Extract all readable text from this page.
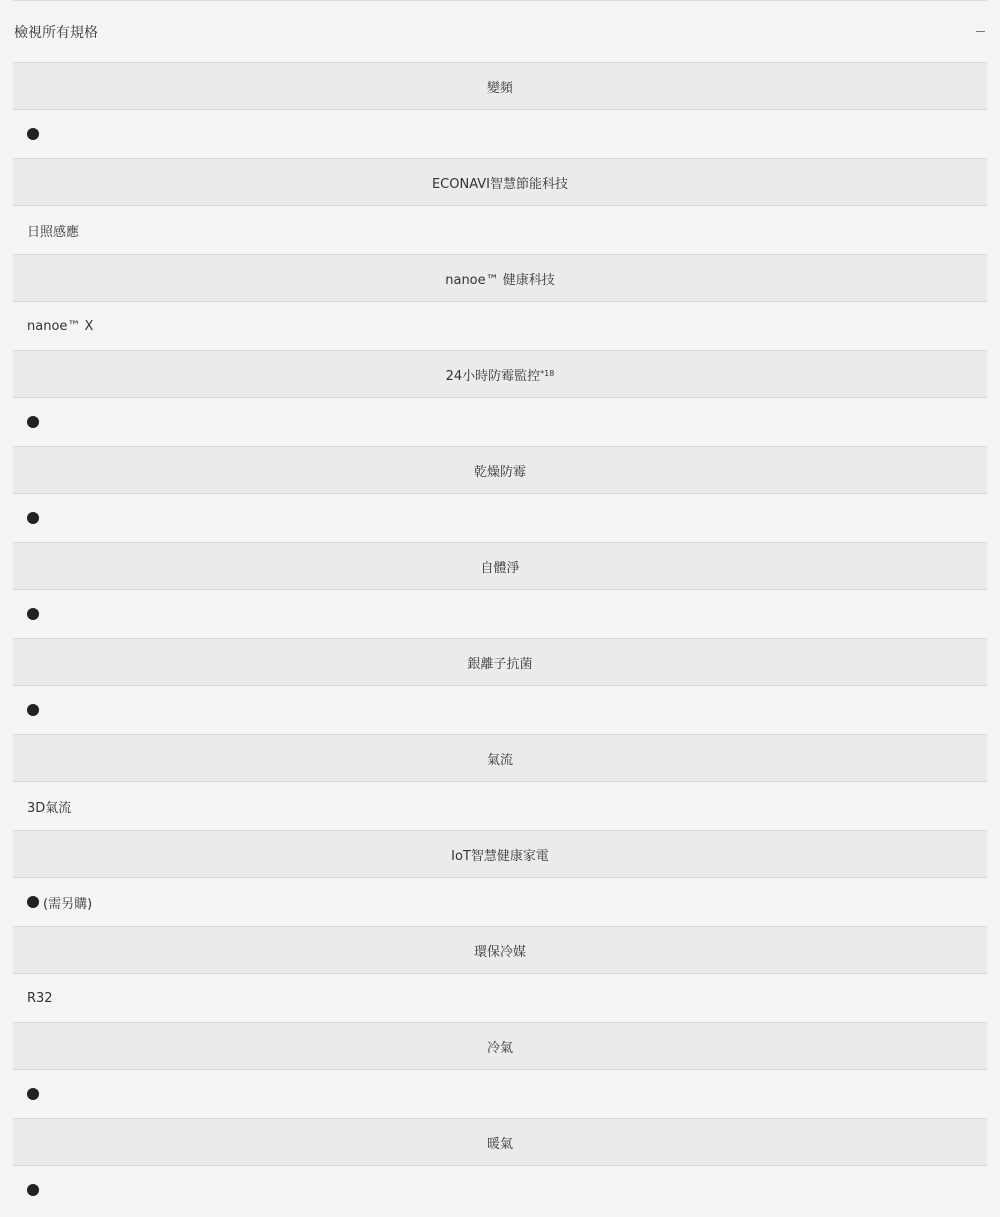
檢視所有規格
變頻
ECONAVI智慧節能科技
日照感應
nanoe™ 健康科技
nanoe™ X
24小時防霉監控 *18
乾燥防霉
自體淨
銀離子抗菌
氣流
3D氣流
IoT智慧健康家電
(需另購)
環保冷媒
R32
冷氣
暖氣
